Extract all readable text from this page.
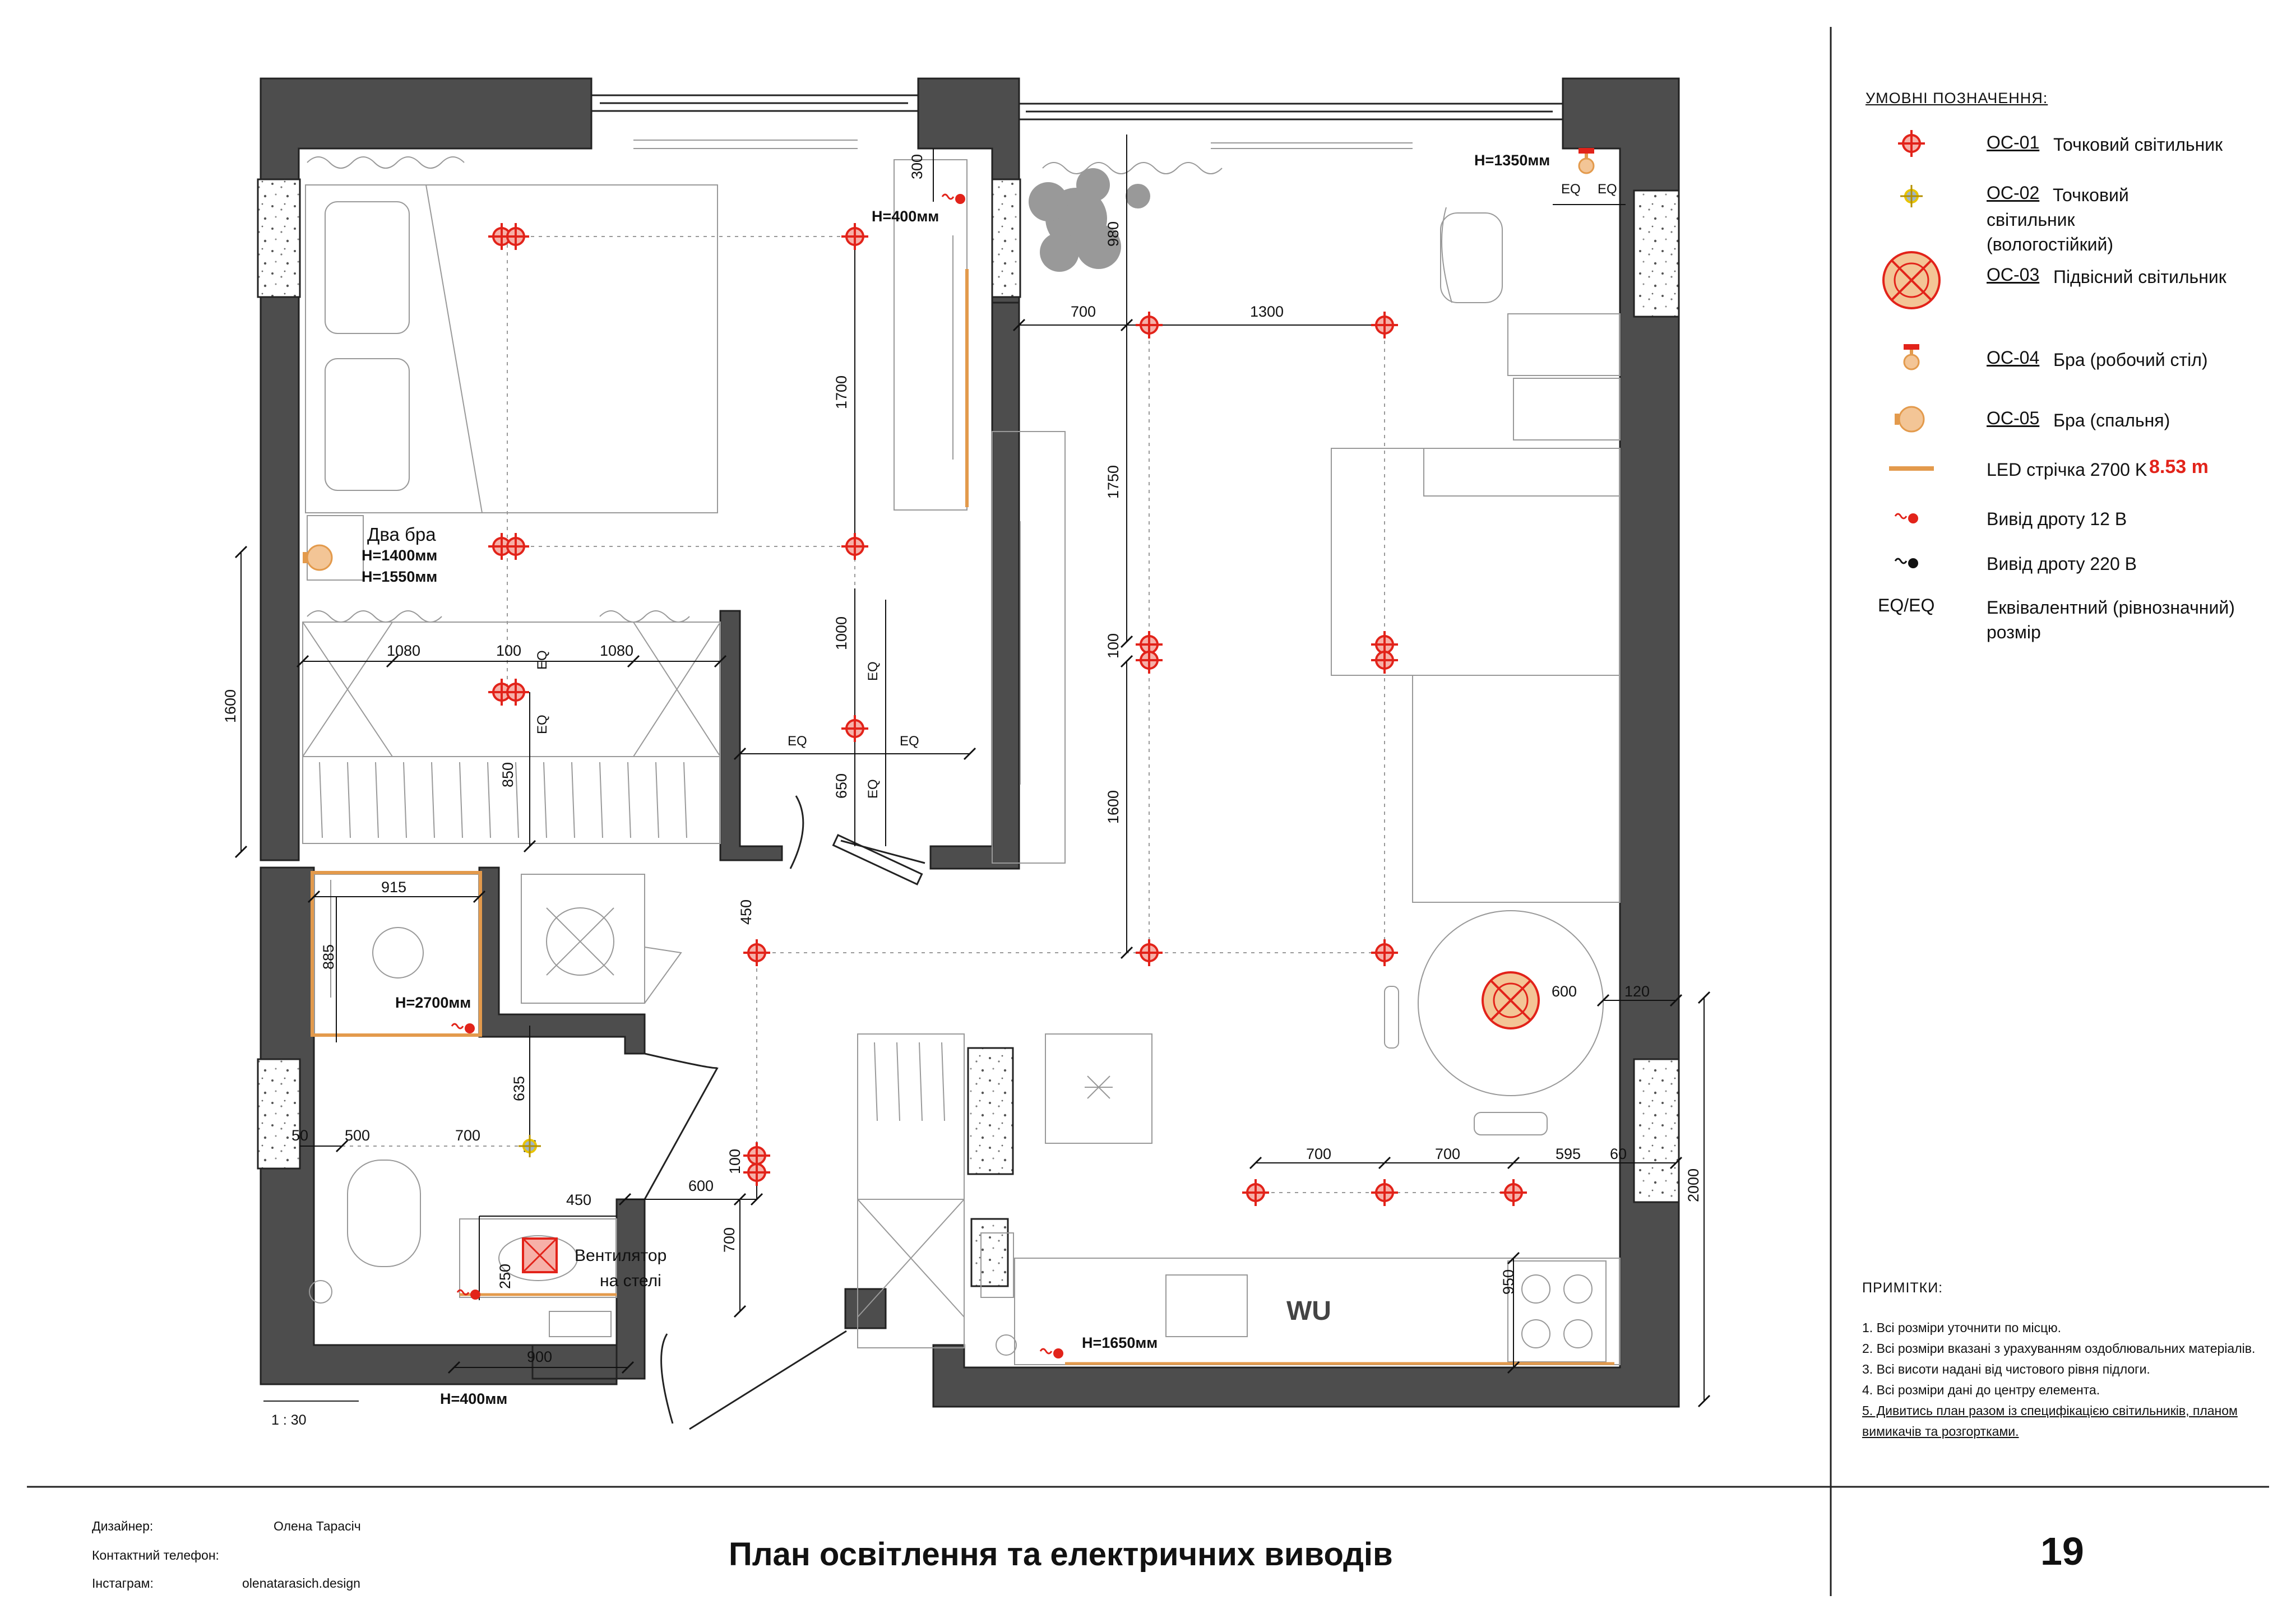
WU
Два бра
H=1400мм
H=1550мм
H=400мм
H=1350мм
H=2700мм
Вентилятор
на стелі
H=400мм
H=1650мм
300
980
700	1300
1700
1750
1000	100
1080	100	1080
EQ
EQ
EQ
EQ
EQ	EQ
EQ EQ
850	650
1600
1600
915
885
450
635
500	700
50
600	120
700	700	595 60
2000
100
450
600
700
250	950
900
УМОВНІ ПОЗНАЧЕННЯ:
OC-01 Точковий світильник
OC-02 Точковий світильник (вологостійкий)
OC-03 Підвісний світильник
OC-04 Бра (робочий стіл)
OC-05 Бра (спальня)
LED стрічка 2700 K 8.53 m
Вивід дроту 12 В
Вивід дроту 220 В
EQ/EQ	Еквівалентний (рівнозначний) розмір
ПРИМІТКИ:
1. Всі розміри уточнити по місцю.
2. Всі розміри вказані з урахуванням оздоблювальних матеріалів.
3. Всі висоти надані від чистового рівня підлоги.
4. Всі розміри дані до центру елемента.
5. Дивитись план разом із специфікацією світильників, планом вимикачів та розгортками.
1 : 30
Дизайнер:	Олена Тарасіч
Контактний телефон:
Інстаграм:	olenatarasich.design
План освітлення та електричних виводів	19
